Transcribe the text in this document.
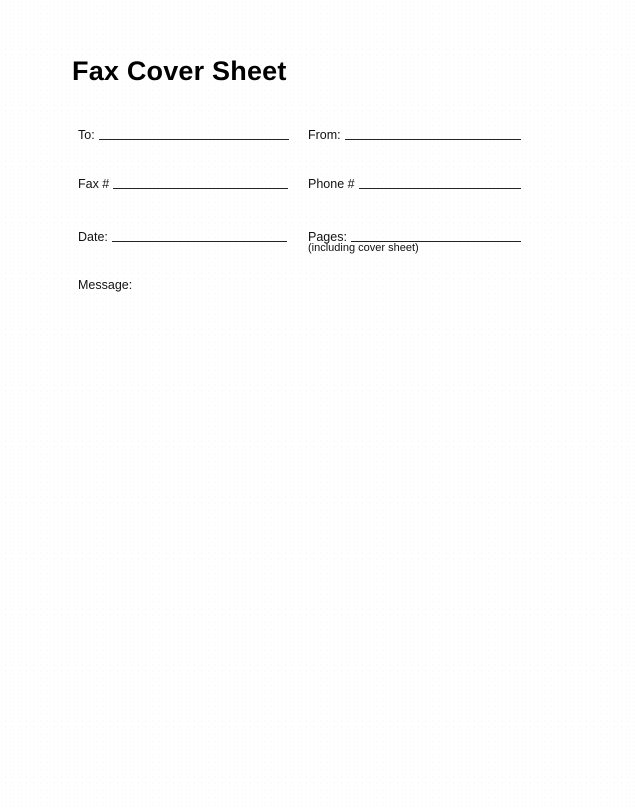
Fax Cover Sheet
To:	From:
Fax #	Phone #
Date:	Pages:
(including cover sheet)
Message:
